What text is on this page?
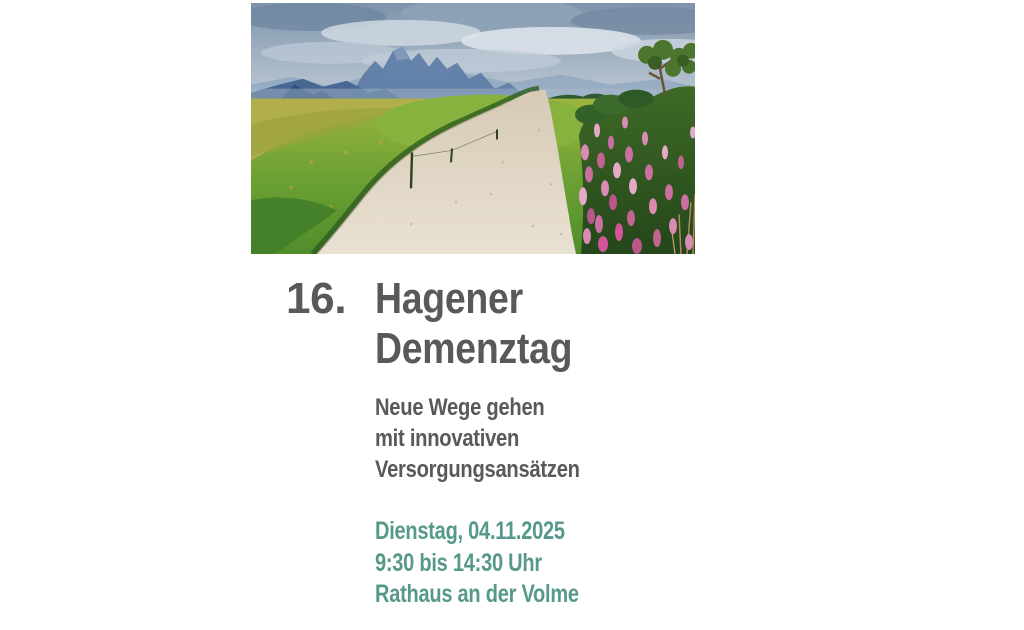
16. Hagener
Demenztag
Neue Wege gehen
mit innovativen
Versorgungsansätzen
Dienstag, 04.11.2025
9:30 bis 14:30 Uhr
Rathaus an der Volme
